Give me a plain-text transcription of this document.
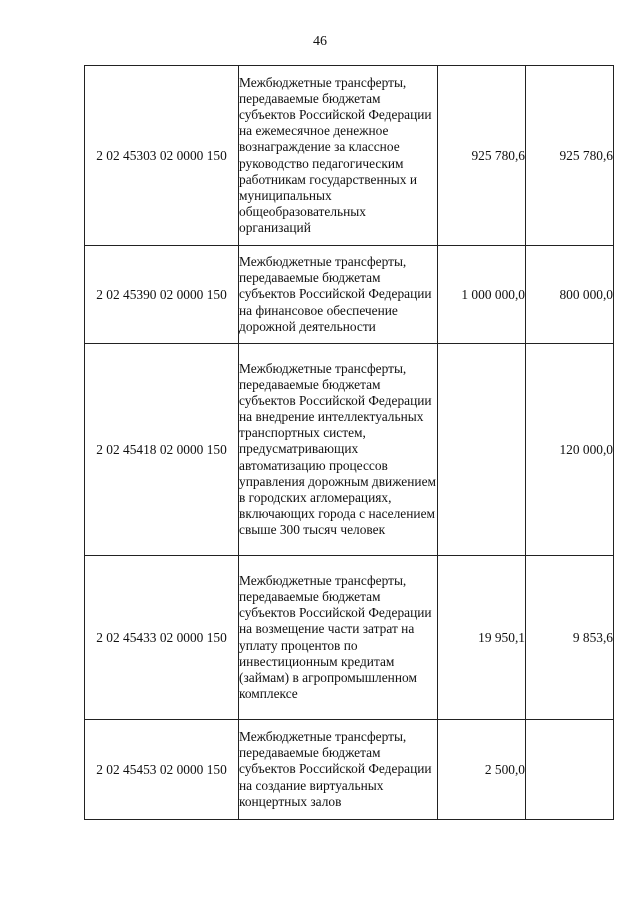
46
2 02 45303 02 0000 150	Межбюджетные трансферты, передаваемые бюджетам субъектов Российской Федерации на ежемесячное денежное вознаграждение за классное руководство педагогическим работникам государственных и муниципальных общеобразовательных организаций	925 780,6	925 780,6
2 02 45390 02 0000 150	Межбюджетные трансферты, передаваемые бюджетам субъектов Российской Федерации на финансовое обеспечение дорожной деятельности	1 000 000,0	800 000,0
2 02 45418 02 0000 150	Межбюджетные трансферты, передаваемые бюджетам субъектов Российской Федерации на внедрение интеллектуальных транспортных систем, предусматривающих автоматизацию процессов управления дорожным движением в городских агломерациях, включающих города с населением свыше 300 тысяч человек		120 000,0
2 02 45433 02 0000 150	Межбюджетные трансферты, передаваемые бюджетам субъектов Российской Федерации на возмещение части затрат на уплату процентов по инвестиционным кредитам (займам) в агропромышленном комплексе	19 950,1	9 853,6
2 02 45453 02 0000 150	Межбюджетные трансферты, передаваемые бюджетам субъектов Российской Федерации на создание виртуальных концертных залов	2 500,0	
